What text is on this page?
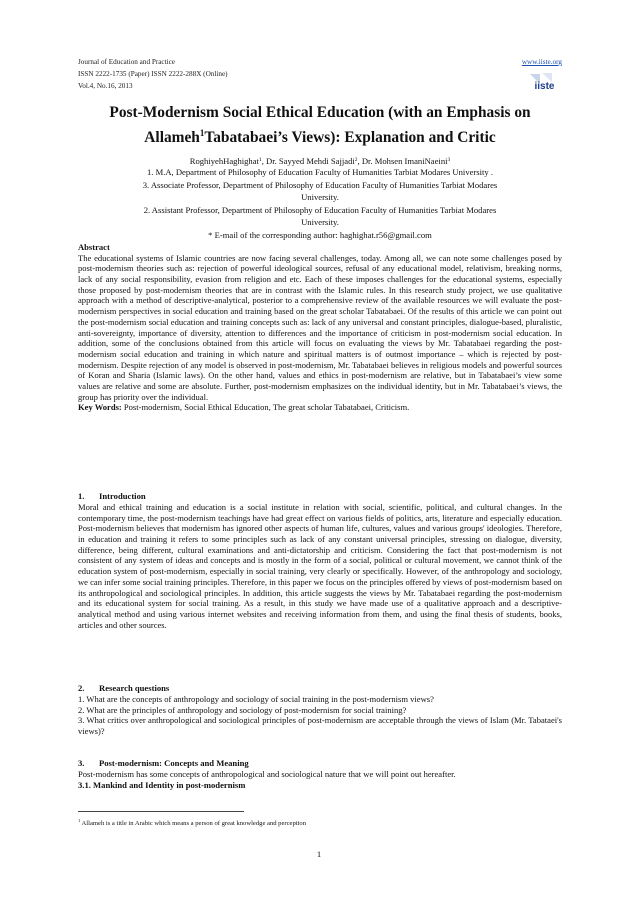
Journal of Education and Practice
ISSN 2222-1735 (Paper) ISSN 2222-288X (Online)
Vol.4, No.16, 2013
www.iiste.org
iiste
Post-Modernism Social Ethical Education (with an Emphasis on
Allameh$^1$Tabatabaei’s Views): Explanation and Critic
RoghiyehHaghighat$^1$, Dr. Sayyed Mehdi Sajjadi$^2$, Dr. Mohsen ImaniNaeini$^3$
1. M.A, Department of Philosophy of Education Faculty of Humanities Tarbiat Modares University .
3. Associate Professor, Department of Philosophy of Education Faculty of Humanities Tarbiat Modares
University.
2. Assistant Professor, Department of Philosophy of Education Faculty of Humanities Tarbiat Modares
University.
* E-mail of the corresponding author: haghighat.r56@gmail.com

Abstract

The educational systems of Islamic countries are now facing several challenges, today. Among all, we can note some challenges posed by post-modernism theories such as: rejection of powerful ideological sources, refusal of any educational model, relativism, breaking norms, lack of any social responsibility, evasion from religion and etc. Each of these imposes challenges for the educational systems, especially those proposed by post-modernism theories that are in contrast with the Islamic rules. In this research study project, we use qualitative approach with a method of descriptive-analytical, posterior to a comprehensive review of the available resources we will evaluate the post- modernism perspectives in social education and training based on the great scholar Tabatabaei. Of the results of this article we can point out the post-modernism social education and training concepts such as: lack of any universal and constant principles, dialogue-based, pluralistic, anti-sovereignty, importance of diversity, attention to differences and the importance of criticism in post-modernism social education. In addition, some of the conclusions obtained from this article will focus on evaluating the views by Mr. Tabatabaei regarding the post-modernism social education and training in which nature and spiritual matters is of outmost importance – which is rejected by post-modernism. Despite rejection of any model is observed in post-modernism, Mr. Tabatabaei believes in religious models and powerful sources of Koran and Sharia (Islamic laws). On the other hand, values and ethics in post-modernism are relative, but in Tabatabaei’s view some values are relative and some are absolute. Further, post-modernism emphasizes on the individual identity, but in Mr. Tabatabaei’s views, the group has priority over the individual.

Key Words: Post-modernism, Social Ethical Education, The great scholar Tabatabaei, Criticism.

1. Introduction
Moral and ethical training and education is a social institute in relation with social, scientific, political, and cultural changes. In the contemporary time, the post-modernism teachings have had great effect on various fields of politics, arts, literature and especially education. Post-modernism believes that modernism has ignored other aspects of human life, cultures, values and various groups' ideologies. Therefore, in education and training it refers to some principles such as lack of any constant universal principles, stressing on dialogue, diversity, difference, being different, cultural examinations and anti-dictatorship and criticism. Considering the fact that post-modernism is not consistent of any system of ideas and concepts and is mostly in the form of a social, political or cultural movement, we cannot think of the education system of post-modernism, especially in social training, very clearly or specifically. However, of the anthropology and sociology, we can infer some social training principles. Therefore, in this paper we focus on the principles offered by views of post-modernism based on its anthropological and sociological principles. In addition, this article suggests the views by Mr. Tabatabaei regarding the post-modernism and its educational system for social training. As a result, in this study we have made use of a qualitative approach and a descriptive-analytical method and using various internet websites and receiving information from them, and using the final thesis of students, books, articles and other sources.
2. Research questions

1. What are the concepts of anthropology and sociology of social training in the post-modernism views?

2. What are the principles of anthropology and sociology of post-modernism for social training?

3. What critics over anthropological and sociological principles of post-modernism are acceptable through the views of Islam (Mr. Tabataei's views)?

3. Post-modernism: Concepts and Meaning
Post-modernism has some concepts of anthropological and sociological nature that we will point out hereafter.
3.1. Mankind and Identity in post-modernism
$^1$ Allameh is a title in Arabic which means a person of great knowledge and perception
1
